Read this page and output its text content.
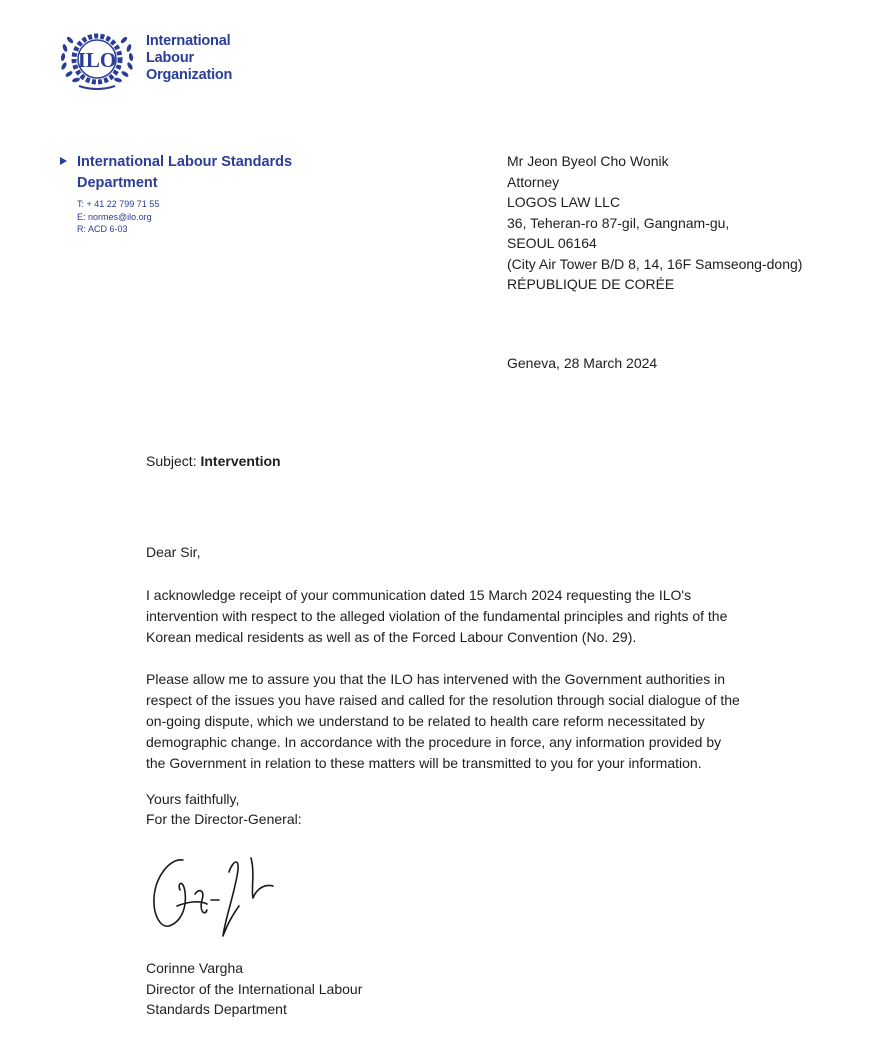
ILO
International
Labour
Organization
International Labour Standards
Department
T: + 41 22 799 71 55
E: normes@ilo.org
R: ACD 6-03
Mr Jeon Byeol Cho Wonik
Attorney
LOGOS LAW LLC
36, Teheran-ro 87-gil, Gangnam-gu,
SEOUL 06164
(City Air Tower B/D 8, 14, 16F Samseong-dong)
RÉPUBLIQUE DE CORÉE
Geneva, 28 March 2024
Subject: Intervention
Dear Sir,
I acknowledge receipt of your communication dated 15 March 2024 requesting the ILO's
intervention with respect to the alleged violation of the fundamental principles and rights of the
Korean medical residents as well as of the Forced Labour Convention (No. 29).
Please allow me to assure you that the ILO has intervened with the Government authorities in
respect of the issues you have raised and called for the resolution through social dialogue of the
on-going dispute, which we understand to be related to health care reform necessitated by
demographic change. In accordance with the procedure in force, any information provided by
the Government in relation to these matters will be transmitted to you for your information.
Yours faithfully,
For the Director-General:
Corinne Vargha
Director of the International Labour
Standards Department
